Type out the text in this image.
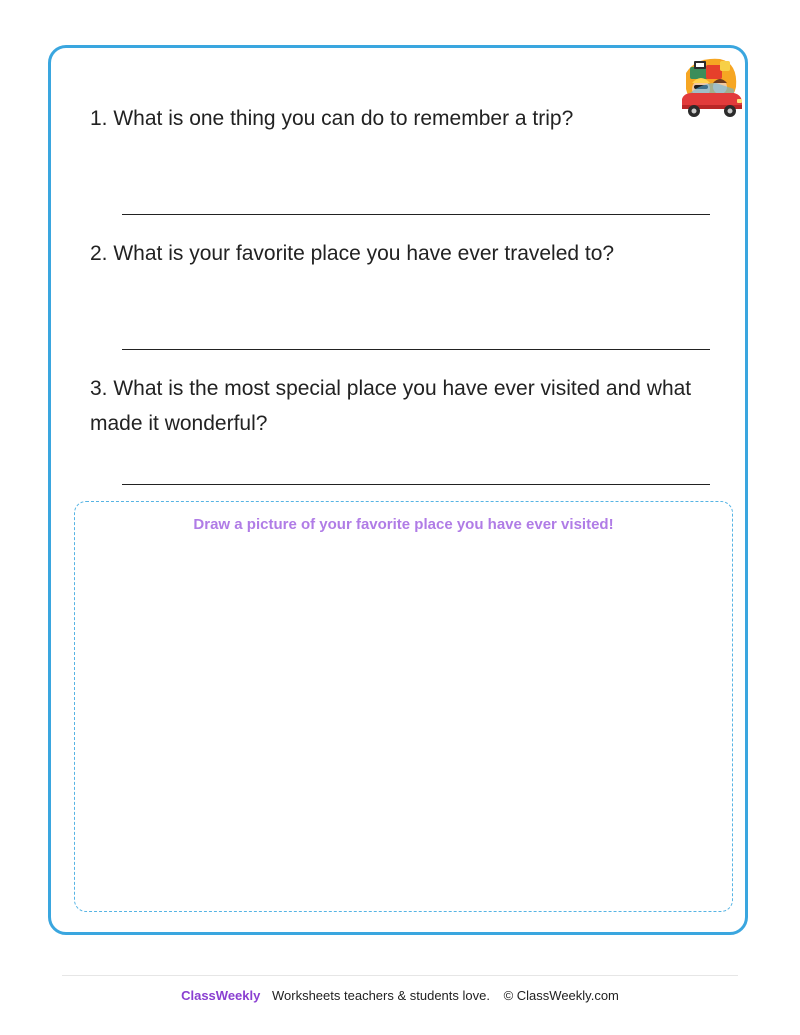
1. What is one thing you can do to remember a trip?
2. What is your favorite place you have ever traveled to?
3. What is the most special place you have ever visited and what made it wonderful?
Draw a picture of your favorite place you have ever visited!
ClassWeekly Worksheets teachers & students love. © ClassWeekly.com
